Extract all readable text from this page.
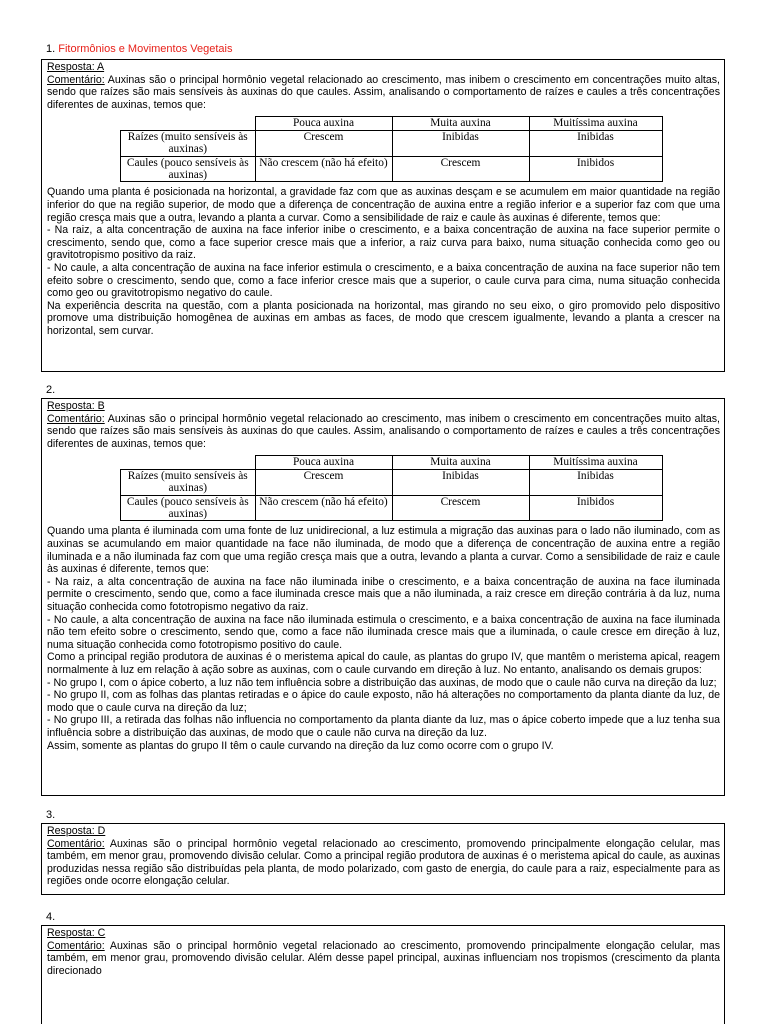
1. Fitormônios e Movimentos Vegetais

Resposta: A

Comentário: Auxinas são o principal hormônio vegetal relacionado ao crescimento, mas inibem o crescimento em concentrações muito altas, sendo que raízes são mais sensíveis às auxinas do que caules. Assim, analisando o comportamento de raízes e caules a três concentrações diferentes de auxinas, temos que:

	Pouca auxina	Muita auxina	Muitíssima auxina
Raízes (muito sensíveis às auxinas)	Crescem	Inibidas	Inibidas
Caules (pouco sensíveis às auxinas)	Não crescem (não há efeito)	Crescem	Inibidos

Quando uma planta é posicionada na horizontal, a gravidade faz com que as auxinas desçam e se acumulem em maior quantidade na região inferior do que na região superior, de modo que a diferença de concentração de auxina entre a região inferior e a superior faz com que uma região cresça mais que a outra, levando a planta a curvar. Como a sensibilidade de raiz e caule às auxinas é diferente, temos que:

- Na raiz, a alta concentração de auxina na face inferior inibe o crescimento, e a baixa concentração de auxina na face superior permite o crescimento, sendo que, como a face superior cresce mais que a inferior, a raiz curva para baixo, numa situação conhecida como geo ou gravitotropismo positivo da raiz.

- No caule, a alta concentração de auxina na face inferior estimula o crescimento, e a baixa concentração de auxina na face superior não tem efeito sobre o crescimento, sendo que, como a face inferior cresce mais que a superior, o caule curva para cima, numa situação conhecida como geo ou gravitotropismo negativo do caule.

Na experiência descrita na questão, com a planta posicionada na horizontal, mas girando no seu eixo, o giro promovido pelo dispositivo promove uma distribuição homogênea de auxinas em ambas as faces, de modo que crescem igualmente, levando a planta a crescer na horizontal, sem curvar.

2.

Resposta: B

Comentário: Auxinas são o principal hormônio vegetal relacionado ao crescimento, mas inibem o crescimento em concentrações muito altas, sendo que raízes são mais sensíveis às auxinas do que caules. Assim, analisando o comportamento de raízes e caules a três concentrações diferentes de auxinas, temos que:

	Pouca auxina	Muita auxina	Muitíssima auxina
Raízes (muito sensíveis às auxinas)	Crescem	Inibidas	Inibidas
Caules (pouco sensíveis às auxinas)	Não crescem (não há efeito)	Crescem	Inibidos

Quando uma planta é iluminada com uma fonte de luz unidirecional, a luz estimula a migração das auxinas para o lado não iluminado, com as auxinas se acumulando em maior quantidade na face não iluminada, de modo que a diferença de concentração de auxina entre a região iluminada e a não iluminada faz com que uma região cresça mais que a outra, levando a planta a curvar. Como a sensibilidade de raiz e caule às auxinas é diferente, temos que:

- Na raiz, a alta concentração de auxina na face não iluminada inibe o crescimento, e a baixa concentração de auxina na face iluminada permite o crescimento, sendo que, como a face iluminada cresce mais que a não iluminada, a raiz cresce em direção contrária à da luz, numa situação conhecida como fototropismo negativo da raiz.

- No caule, a alta concentração de auxina na face não iluminada estimula o crescimento, e a baixa concentração de auxina na face iluminada não tem efeito sobre o crescimento, sendo que, como a face não iluminada cresce mais que a iluminada, o caule cresce em direção à luz, numa situação conhecida como fototropismo positivo do caule.

Como a principal região produtora de auxinas é o meristema apical do caule, as plantas do grupo IV, que mantêm o meristema apical, reagem normalmente à luz em relação à ação sobre as auxinas, com o caule curvando em direção à luz. No entanto, analisando os demais grupos:

- No grupo I, com o ápice coberto, a luz não tem influência sobre a distribuição das auxinas, de modo que o caule não curva na direção da luz;

- No grupo II, com as folhas das plantas retiradas e o ápice do caule exposto, não há alterações no comportamento da planta diante da luz, de modo que o caule curva na direção da luz;

- No grupo III, a retirada das folhas não influencia no comportamento da planta diante da luz, mas o ápice coberto impede que a luz tenha sua influência sobre a distribuição das auxinas, de modo que o caule não curva na direção da luz.

Assim, somente as plantas do grupo II têm o caule curvando na direção da luz como ocorre com o grupo IV.

3.

Resposta: D

Comentário: Auxinas são o principal hormônio vegetal relacionado ao crescimento, promovendo principalmente elongação celular, mas também, em menor grau, promovendo divisão celular. Como a principal região produtora de auxinas é o meristema apical do caule, as auxinas produzidas nessa região são distribuídas pela planta, de modo polarizado, com gasto de energia, do caule para a raiz, especialmente para as regiões onde ocorre elongação celular.

4.

Resposta: C

Comentário: Auxinas são o principal hormônio vegetal relacionado ao crescimento, promovendo principalmente elongação celular, mas também, em menor grau, promovendo divisão celular. Além desse papel principal, auxinas influenciam nos tropismos (crescimento da planta direcionado
